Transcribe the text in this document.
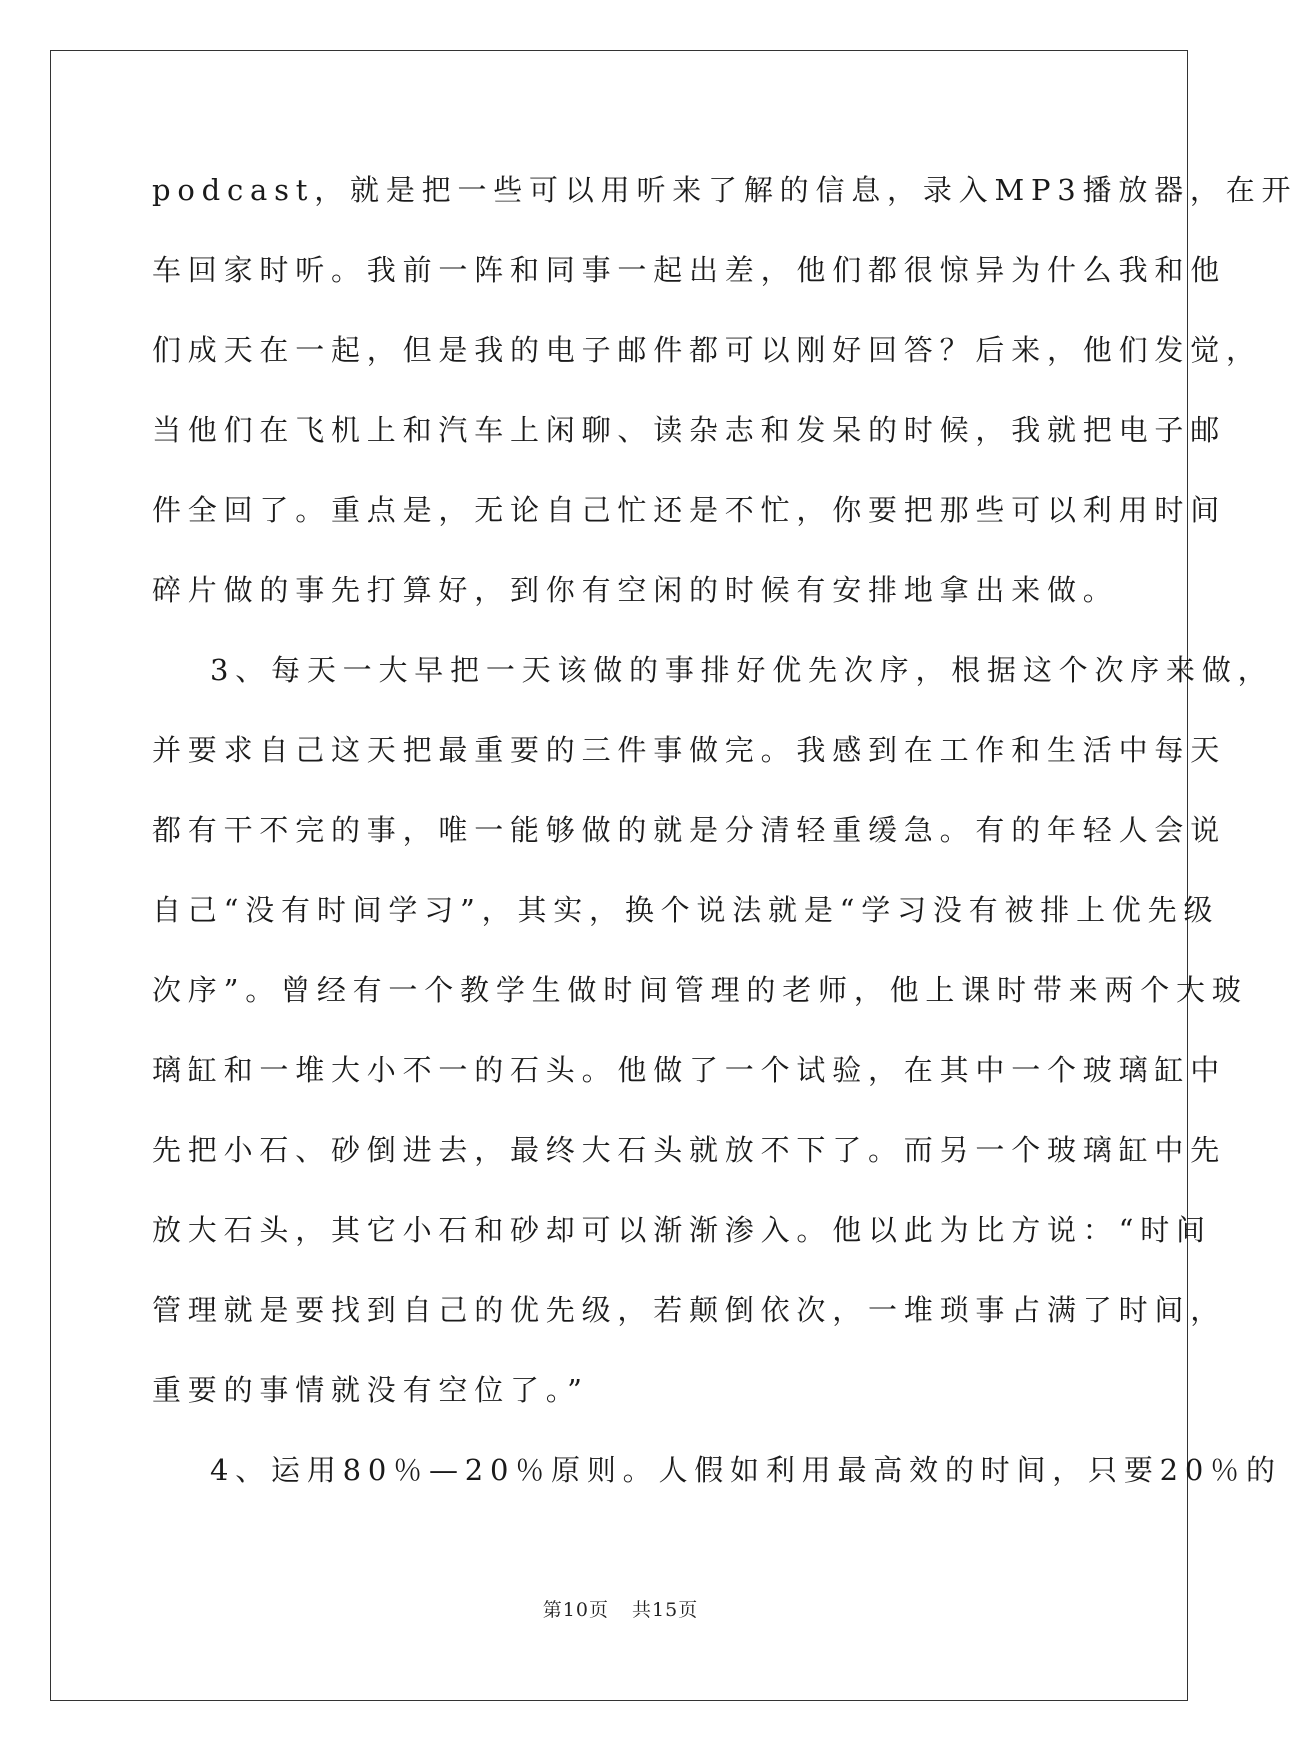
podcast，就是把一些可以用听来了解的信息，录入MP3播放器，在开
车回家时听。我前一阵和同事一起出差，他们都很惊异为什么我和他
们成天在一起，但是我的电子邮件都可以刚好回答？后来，他们发觉，
当他们在飞机上和汽车上闲聊、读杂志和发呆的时候，我就把电子邮
件全回了。重点是，无论自己忙还是不忙，你要把那些可以利用时间
碎片做的事先打算好，到你有空闲的时候有安排地拿出来做。
3、每天一大早把一天该做的事排好优先次序，根据这个次序来做，
并要求自己这天把最重要的三件事做完。我感到在工作和生活中每天
都有干不完的事，唯一能够做的就是分清轻重缓急。有的年轻人会说
自己“没有时间学习”，其实，换个说法就是“学习没有被排上优先级
次序”。曾经有一个教学生做时间管理的老师，他上课时带来两个大玻
璃缸和一堆大小不一的石头。他做了一个试验，在其中一个玻璃缸中
先把小石、砂倒进去，最终大石头就放不下了。而另一个玻璃缸中先
放大石头，其它小石和砂却可以渐渐渗入。他以此为比方说：“时间
管理就是要找到自己的优先级，若颠倒依次，一堆琐事占满了时间，
重要的事情就没有空位了。”
4、运用80％—20％原则。人假如利用最高效的时间，只要20％的
第10页 共15页
